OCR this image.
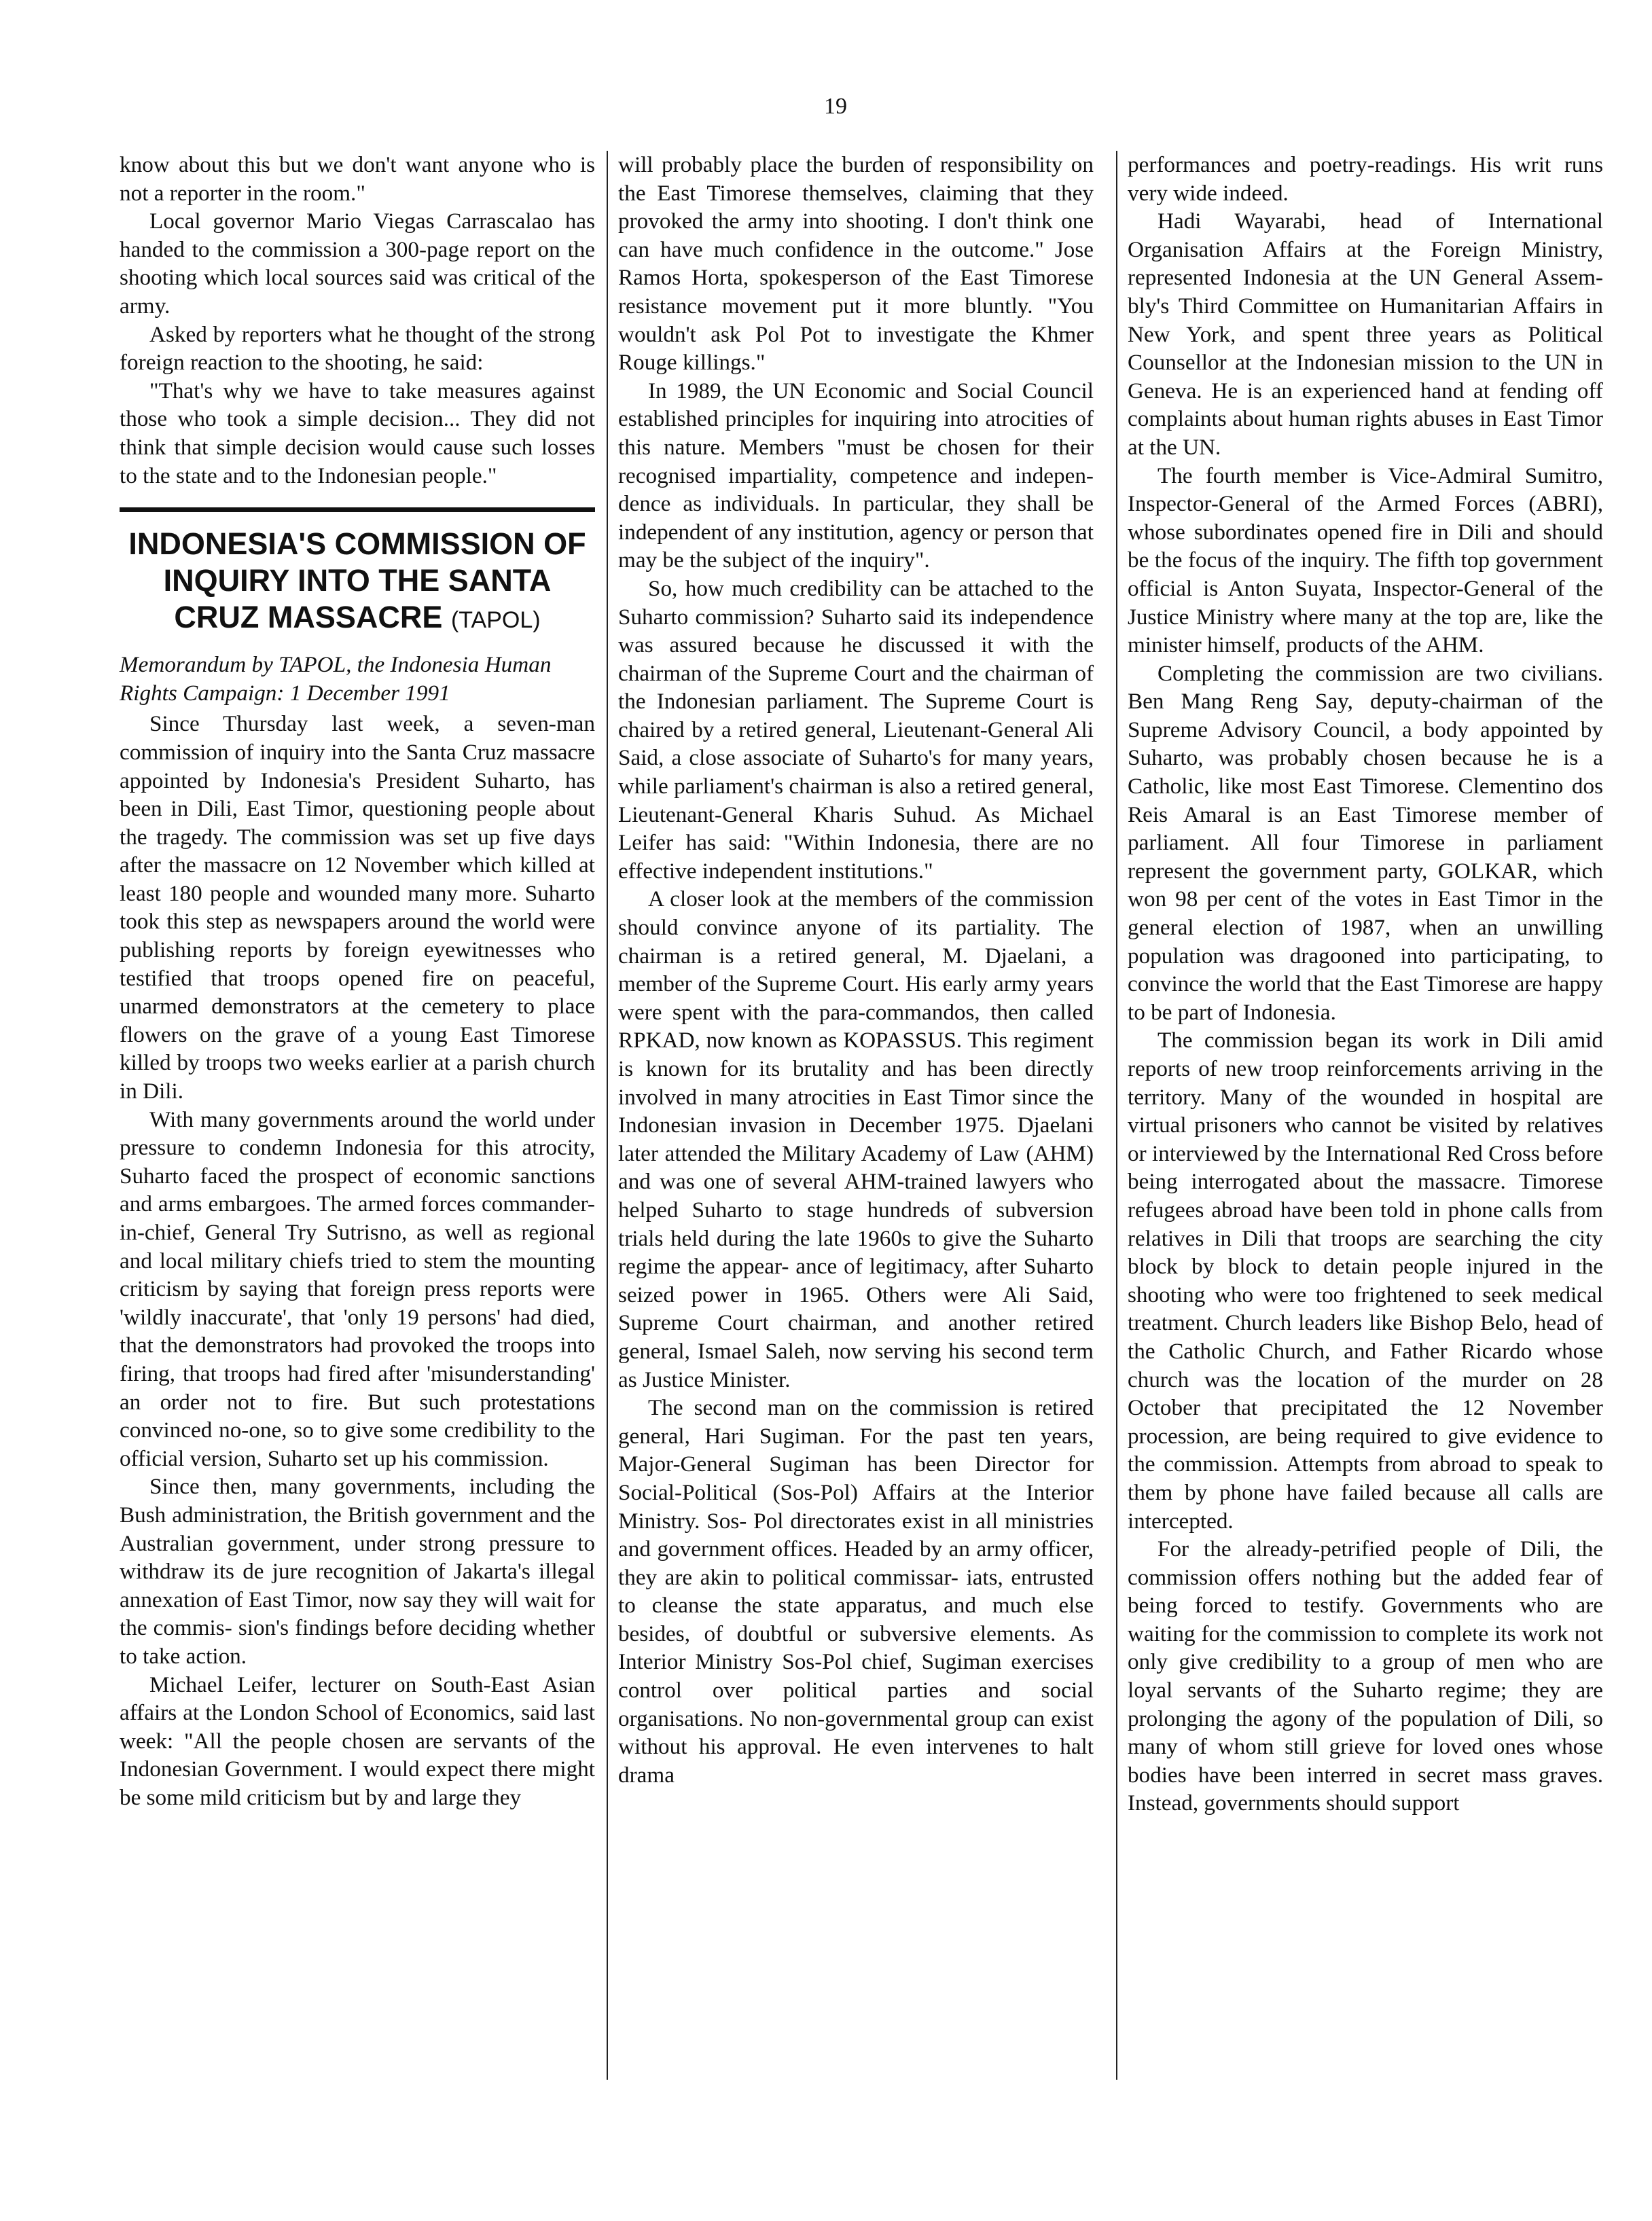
19

know about this but we don't want anyone who is not a reporter in the room."

Local governor Mario Viegas Carrascalao has handed to the commission a 300-page report on the shooting which local sources said was critical of the army.

Asked by reporters what he thought of the strong foreign reaction to the shooting, he said:

"That's why we have to take measures against those who took a simple decision... They did not think that simple decision would cause such losses to the state and to the Indonesian people."

INDONESIA'S COMMISSION OF INQUIRY INTO THE SANTA CRUZ MASSACRE (TAPOL)
Memorandum by TAPOL, the Indonesia Human Rights Campaign: 1 December 1991

Since Thursday last week, a seven-man commission of inquiry into the Santa Cruz massacre appointed by Indonesia's President Suharto, has been in Dili, East Timor, questioning people about the tragedy. The commission was set up five days after the massacre on 12 November which killed at least 180 people and wounded many more. Suharto took this step as newspapers around the world were publishing reports by foreign eyewitnesses who testified that troops opened fire on peaceful, unarmed demonstrators at the cemetery to place flowers on the grave of a young East Timorese killed by troops two weeks earlier at a parish church in Dili.

With many governments around the world under pressure to condemn Indonesia for this atrocity, Suharto faced the prospect of economic sanctions and arms embargoes. The armed forces commander-in-chief, General Try Sutrisno, as well as regional and local military chiefs tried to stem the mounting criticism by saying that foreign press reports were 'wildly inaccurate', that 'only 19 persons' had died, that the demonstrators had provoked the troops into firing, that troops had fired after 'misunderstanding' an order not to fire. But such protestations convinced no-one, so to give some credibility to the official version, Suharto set up his commission.

Since then, many governments, including the Bush administration, the British government and the Australian government, under strong pressure to withdraw its de jure recognition of Jakarta's illegal annexation of East Timor, now say they will wait for the commis- sion's findings before deciding whether to take action.

Michael Leifer, lecturer on South-East Asian affairs at the London School of Economics, said last week: "All the people chosen are servants of the Indonesian Government. I would expect there might be some mild criticism but by and large they

will probably place the burden of responsibility on the East Timorese themselves, claiming that they provoked the army into shooting. I don't think one can have much confidence in the outcome." Jose Ramos Horta, spokesperson of the East Timorese resistance movement put it more bluntly. "You wouldn't ask Pol Pot to investigate the Khmer Rouge killings."

In 1989, the UN Economic and Social Council established principles for inquiring into atrocities of this nature. Members "must be chosen for their recognised impartiality, competence and indepen- dence as individuals. In particular, they shall be independent of any institution, agency or person that may be the subject of the inquiry".

So, how much credibility can be attached to the Suharto commission? Suharto said its independence was assured because he discussed it with the chairman of the Supreme Court and the chairman of the Indonesian parliament. The Supreme Court is chaired by a retired general, Lieutenant-General Ali Said, a close associate of Suharto's for many years, while parliament's chairman is also a retired general, Lieutenant-General Kharis Suhud. As Michael Leifer has said: "Within Indonesia, there are no effective independent institutions."

A closer look at the members of the commission should convince anyone of its partiality. The chairman is a retired general, M. Djaelani, a member of the Supreme Court. His early army years were spent with the para-commandos, then called RPKAD, now known as KOPASSUS. This regiment is known for its brutality and has been directly involved in many atrocities in East Timor since the Indonesian invasion in December 1975. Djaelani later attended the Military Academy of Law (AHM) and was one of several AHM-trained lawyers who helped Suharto to stage hundreds of subversion trials held during the late 1960s to give the Suharto regime the appear- ance of legitimacy, after Suharto seized power in 1965. Others were Ali Said, Supreme Court chairman, and another retired general, Ismael Saleh, now serving his second term as Justice Minister.

The second man on the commission is retired general, Hari Sugiman. For the past ten years, Major-General Sugiman has been Director for Social-Political (Sos-Pol) Affairs at the Interior Ministry. Sos- Pol directorates exist in all ministries and government offices. Headed by an army officer, they are akin to political commissar- iats, entrusted to cleanse the state apparatus, and much else besides, of doubtful or subversive elements. As Interior Ministry Sos-Pol chief, Sugiman exercises control over political parties and social organisations. No non-governmental group can exist without his approval. He even intervenes to halt drama

performances and poetry-readings. His writ runs very wide indeed.

Hadi Wayarabi, head of International Organisation Affairs at the Foreign Ministry, represented Indonesia at the UN General Assem- bly's Third Committee on Humanitarian Affairs in New York, and spent three years as Political Counsellor at the Indonesian mission to the UN in Geneva. He is an experienced hand at fending off complaints about human rights abuses in East Timor at the UN.

The fourth member is Vice-Admiral Sumitro, Inspector-General of the Armed Forces (ABRI), whose subordinates opened fire in Dili and should be the focus of the inquiry. The fifth top government official is Anton Suyata, Inspector-General of the Justice Ministry where many at the top are, like the minister himself, products of the AHM.

Completing the commission are two civilians. Ben Mang Reng Say, deputy-chairman of the Supreme Advisory Council, a body appointed by Suharto, was probably chosen because he is a Catholic, like most East Timorese. Clementino dos Reis Amaral is an East Timorese member of parliament. All four Timorese in parliament represent the government party, GOLKAR, which won 98 per cent of the votes in East Timor in the general election of 1987, when an unwilling population was dragooned into participating, to convince the world that the East Timorese are happy to be part of Indonesia.

The commission began its work in Dili amid reports of new troop reinforcements arriving in the territory. Many of the wounded in hospital are virtual prisoners who cannot be visited by relatives or interviewed by the International Red Cross before being interrogated about the massacre. Timorese refugees abroad have been told in phone calls from relatives in Dili that troops are searching the city block by block to detain people injured in the shooting who were too frightened to seek medical treatment. Church leaders like Bishop Belo, head of the Catholic Church, and Father Ricardo whose church was the location of the murder on 28 October that precipitated the 12 November procession, are being required to give evidence to the commission. Attempts from abroad to speak to them by phone have failed because all calls are intercepted.

For the already-petrified people of Dili, the commission offers nothing but the added fear of being forced to testify. Governments who are waiting for the commission to complete its work not only give credibility to a group of men who are loyal servants of the Suharto regime; they are prolonging the agony of the population of Dili, so many of whom still grieve for loved ones whose bodies have been interred in secret mass graves. Instead, governments should support
